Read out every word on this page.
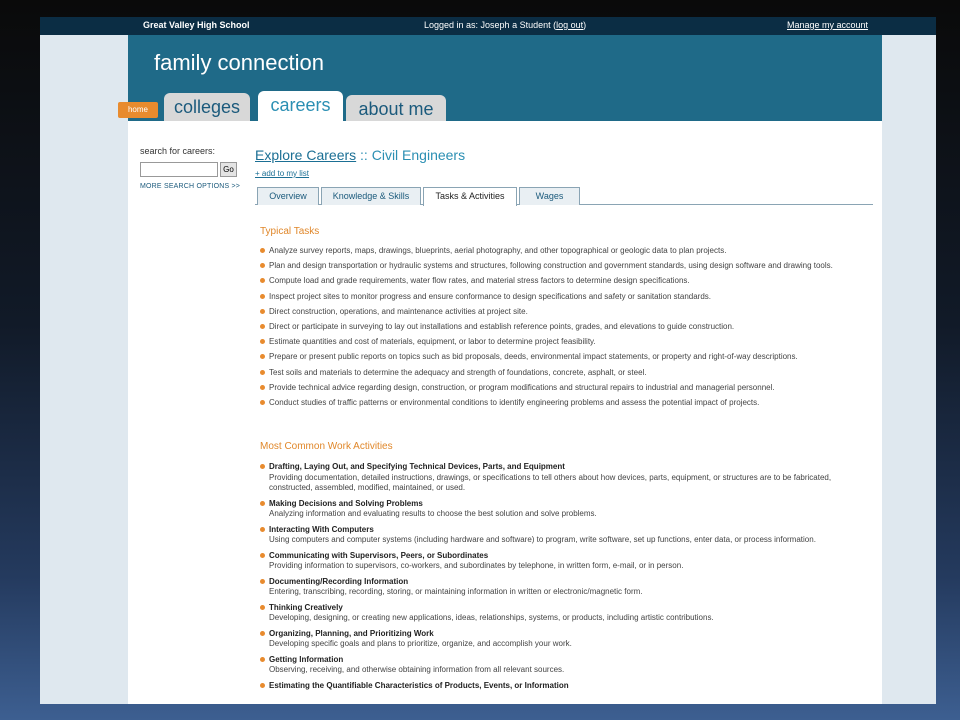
Great Valley High School	Logged in as: Joseph a Student (log out)	Manage my account
family connection
home	colleges	careers	about me
search for careers:
Go
MORE SEARCH OPTIONS >>
Explore Careers :: Civil Engineers
+ add to my list
Overview	Knowledge & Skills	Tasks & Activities	Wages
Typical Tasks
Analyze survey reports, maps, drawings, blueprints, aerial photography, and other topographical or geologic data to plan projects.
Plan and design transportation or hydraulic systems and structures, following construction and government standards, using design software and drawing tools.
Compute load and grade requirements, water flow rates, and material stress factors to determine design specifications.
Inspect project sites to monitor progress and ensure conformance to design specifications and safety or sanitation standards.
Direct construction, operations, and maintenance activities at project site.
Direct or participate in surveying to lay out installations and establish reference points, grades, and elevations to guide construction.
Estimate quantities and cost of materials, equipment, or labor to determine project feasibility.
Prepare or present public reports on topics such as bid proposals, deeds, environmental impact statements, or property and right-of-way descriptions.
Test soils and materials to determine the adequacy and strength of foundations, concrete, asphalt, or steel.
Provide technical advice regarding design, construction, or program modifications and structural repairs to industrial and managerial personnel.
Conduct studies of traffic patterns or environmental conditions to identify engineering problems and assess the potential impact of projects.
Most Common Work Activities
Drafting, Laying Out, and Specifying Technical Devices, Parts, and Equipment
Providing documentation, detailed instructions, drawings, or specifications to tell others about how devices, parts, equipment, or structures are to be fabricated, constructed, assembled, modified, maintained, or used.
Making Decisions and Solving Problems
Analyzing information and evaluating results to choose the best solution and solve problems.
Interacting With Computers
Using computers and computer systems (including hardware and software) to program, write software, set up functions, enter data, or process information.
Communicating with Supervisors, Peers, or Subordinates
Providing information to supervisors, co-workers, and subordinates by telephone, in written form, e-mail, or in person.
Documenting/Recording Information
Entering, transcribing, recording, storing, or maintaining information in written or electronic/magnetic form.
Thinking Creatively
Developing, designing, or creating new applications, ideas, relationships, systems, or products, including artistic contributions.
Organizing, Planning, and Prioritizing Work
Developing specific goals and plans to prioritize, organize, and accomplish your work.
Getting Information
Observing, receiving, and otherwise obtaining information from all relevant sources.
Estimating the Quantifiable Characteristics of Products, Events, or Information
